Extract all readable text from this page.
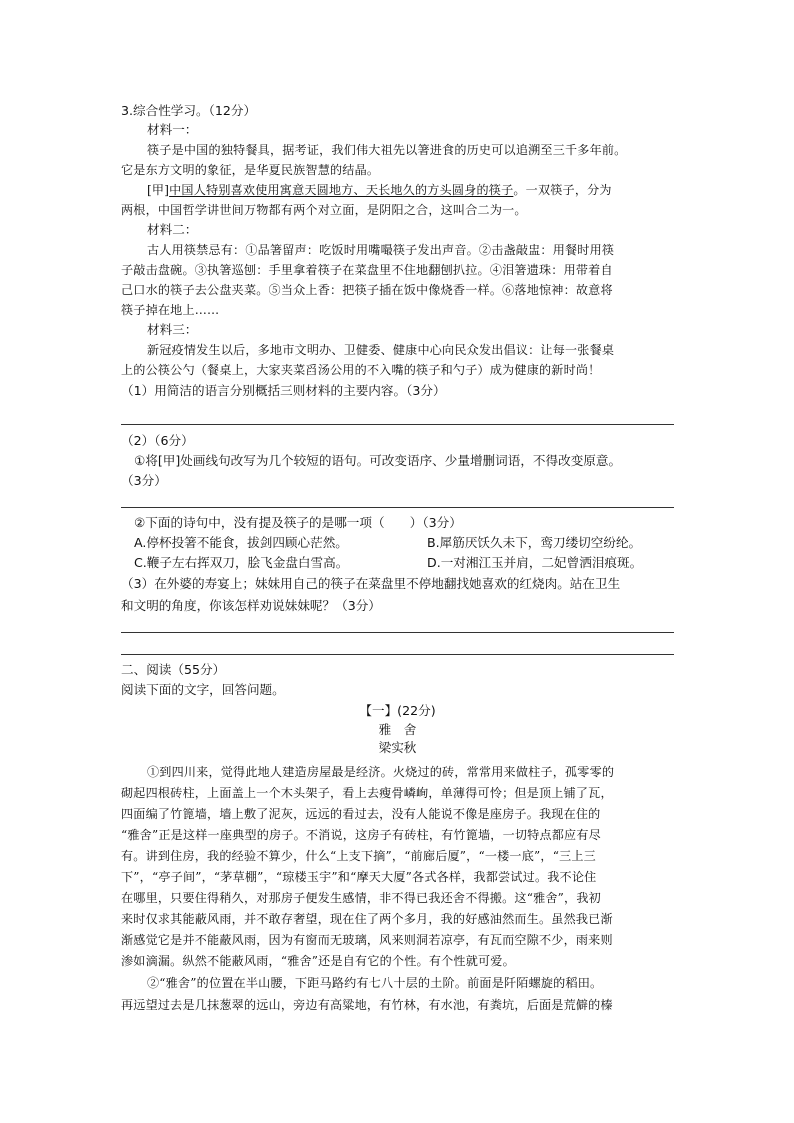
3.综合性学习。（12分）
材料一：
筷子是中国的独特餐具，据考证，我们伟大祖先以箸进食的历史可以追溯至三千多年前。
它是东方文明的象征，是华夏民族智慧的结晶。
[甲]中国人特别喜欢使用寓意天圆地方、天长地久的方头圆身的筷子。一双筷子，分为
两根，中国哲学讲世间万物都有两个对立面，是阴阳之合，这叫合二为一。
材料二：
古人用筷禁忌有：①品箸留声：吃饭时用嘴嘬筷子发出声音。②击盏敲盅：用餐时用筷
子敲击盘碗。③执箸巡刨：手里拿着筷子在菜盘里不住地翻刨扒拉。④泪箸遗珠：用带着自
己口水的筷子去公盘夹菜。⑤当众上香：把筷子插在饭中像烧香一样。⑥落地惊神：故意将
筷子掉在地上……
材料三：
新冠疫情发生以后，多地市文明办、卫健委、健康中心向民众发出倡议：让每一张餐桌
上的公筷公勺（餐桌上，大家夹菜舀汤公用的不入嘴的筷子和勺子）成为健康的新时尚！
（1）用简洁的语言分别概括三则材料的主要内容。（3分）
（2）（6分）
①将[甲]处画线句改写为几个较短的语句。可改变语序、少量增删词语，不得改变原意。
（3分）
②下面的诗句中，没有提及筷子的是哪一项（　　）（3分）
A.停杯投箸不能食，拔剑四顾心茫然。	B.犀筋厌饫久未下，鸾刀缕切空纷纶。
C.鞭子左右挥双刀，脍飞金盘白雪高。	D.一对湘江玉并肩，二妃曾洒泪痕斑。
（3）在外婆的寿宴上；妹妹用自己的筷子在菜盘里不停地翻找她喜欢的红烧肉。站在卫生
和文明的角度，你该怎样劝说妹妹呢？（3分）
二、阅读（55分）
阅读下面的文字，回答问题。
【一】(22分)
雅　舍
梁实秋
①到四川来，觉得此地人建造房屋最是经济。火烧过的砖，常常用来做柱子，孤零零的
砌起四根砖柱，上面盖上一个木头架子，看上去瘦骨嶙峋，单薄得可怜；但是顶上铺了瓦，
四面编了竹篦墙，墙上敷了泥灰，远远的看过去，没有人能说不像是座房子。我现在住的
“雅舍”正是这样一座典型的房子。不消说，这房子有砖柱，有竹篦墙，一切特点都应有尽
有。讲到住房，我的经验不算少，什么“上支下摘”，“前廊后厦”，“一楼一底”，“三上三
下”，“亭子间”，“茅草棚”，“琼楼玉宇”和“摩天大厦”各式各样，我都尝试过。我不论住
在哪里，只要住得稍久，对那房子便发生感情，非不得已我还舍不得搬。这“雅舍”，我初
来时仅求其能蔽风雨，并不敢存奢望，现在住了两个多月，我的好感油然而生。虽然我已渐
渐感觉它是并不能蔽风雨，因为有窗而无玻璃，风来则洞若凉亭，有瓦而空隙不少，雨来则
渗如滴漏。纵然不能蔽风雨，“雅舍”还是自有它的个性。有个性就可爱。
②“雅舍”的位置在半山腰，下距马路约有七八十层的土阶。前面是阡陌螺旋的稻田。
再远望过去是几抹葱翠的远山，旁边有高粱地，有竹林，有水池，有粪坑，后面是荒僻的榛
